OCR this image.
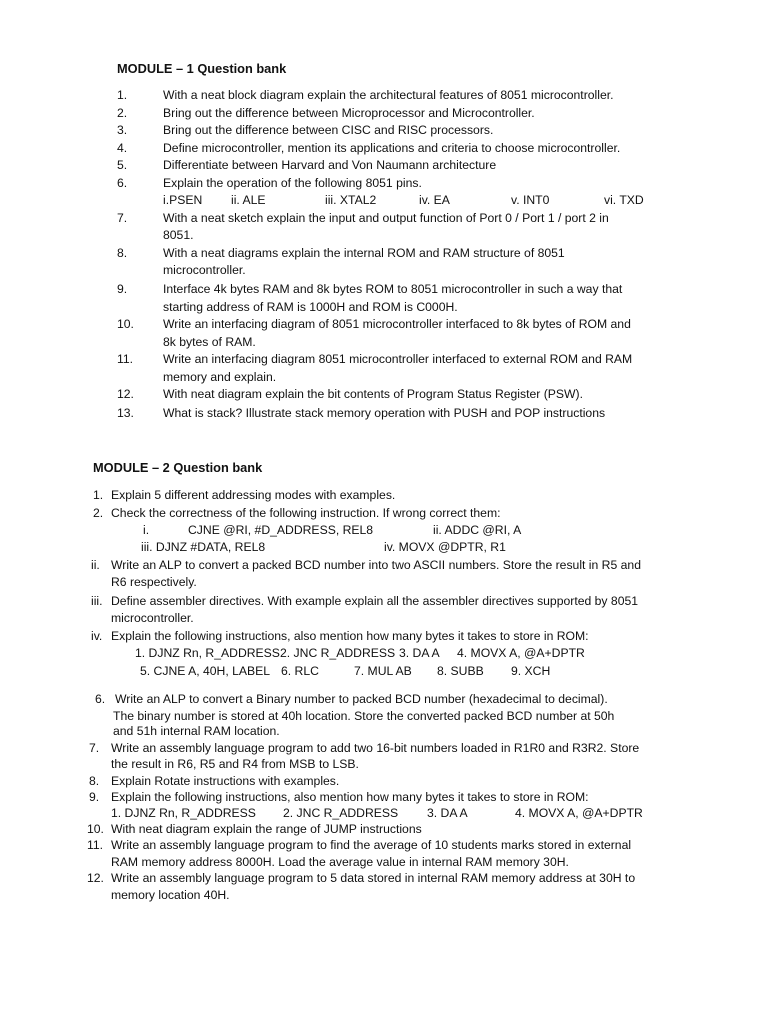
MODULE – 1 Question bank
1.	With a neat block diagram explain the architectural features of 8051 microcontroller.
2.	Bring out the difference between Microprocessor and Microcontroller.
3.	Bring out the difference between CISC and RISC processors.
4.	Define microcontroller, mention its applications and criteria to choose microcontroller.
5.	Differentiate between Harvard and Von Naumann architecture
6.	Explain the operation of the following 8051 pins.
i.PSEN ii. ALE	iii. XTAL2	iv. EA	v. INT0	vi. TXD
7.	With a neat sketch explain the input and output function of Port 0 / Port 1 / port 2 in
8051.
8.	With a neat diagrams explain the internal ROM and RAM structure of 8051
microcontroller.
9.	Interface 4k bytes RAM and 8k bytes ROM to 8051 microcontroller in such a way that
starting address of RAM is 1000H and ROM is C000H.
10. Write an interfacing diagram of 8051 microcontroller interfaced to 8k bytes of ROM and
8k bytes of RAM.
11. Write an interfacing diagram 8051 microcontroller interfaced to external ROM and RAM
memory and explain.
12. With neat diagram explain the bit contents of Program Status Register (PSW).
13. What is stack? Illustrate stack memory operation with PUSH and POP instructions
MODULE – 2 Question bank
1. Explain 5 different addressing modes with examples.
2. Check the correctness of the following instruction. If wrong correct them:
i.	CJNE @RI, #D_ADDRESS, REL8	ii. ADDC @RI, A
iii. DJNZ #DATA, REL8	iv. MOVX @DPTR, R1
ii. Write an ALP to convert a packed BCD number into two ASCII numbers. Store the result in R5 and
R6 respectively.
iii. Define assembler directives. With example explain all the assembler directives supported by 8051
microcontroller.
iv. Explain the following instructions, also mention how many bytes it takes to store in ROM:
1. DJNZ Rn, R_ADDRESS 2. JNC R_ADDRESS 3. DA A 4. MOVX A, @A+DPTR
5. CJNE A, 40H, LABEL 6. RLC	7. MUL AB 8. SUBB 9. XCH
6. Write an ALP to convert a Binary number to packed BCD number (hexadecimal to decimal).
The binary number is stored at 40h location. Store the converted packed BCD number at 50h
and 51h internal RAM location.
7. Write an assembly language program to add two 16-bit numbers loaded in R1R0 and R3R2. Store
the result in R6, R5 and R4 from MSB to LSB.
8. Explain Rotate instructions with examples.
9. Explain the following instructions, also mention how many bytes it takes to store in ROM:
1. DJNZ Rn, R_ADDRESS 2. JNC R_ADDRESS 3. DA A	4. MOVX A, @A+DPTR
10. With neat diagram explain the range of JUMP instructions
11. Write an assembly language program to find the average of 10 students marks stored in external
RAM memory address 8000H. Load the average value in internal RAM memory 30H.
12. Write an assembly language program to 5 data stored in internal RAM memory address at 30H to
memory location 40H.
